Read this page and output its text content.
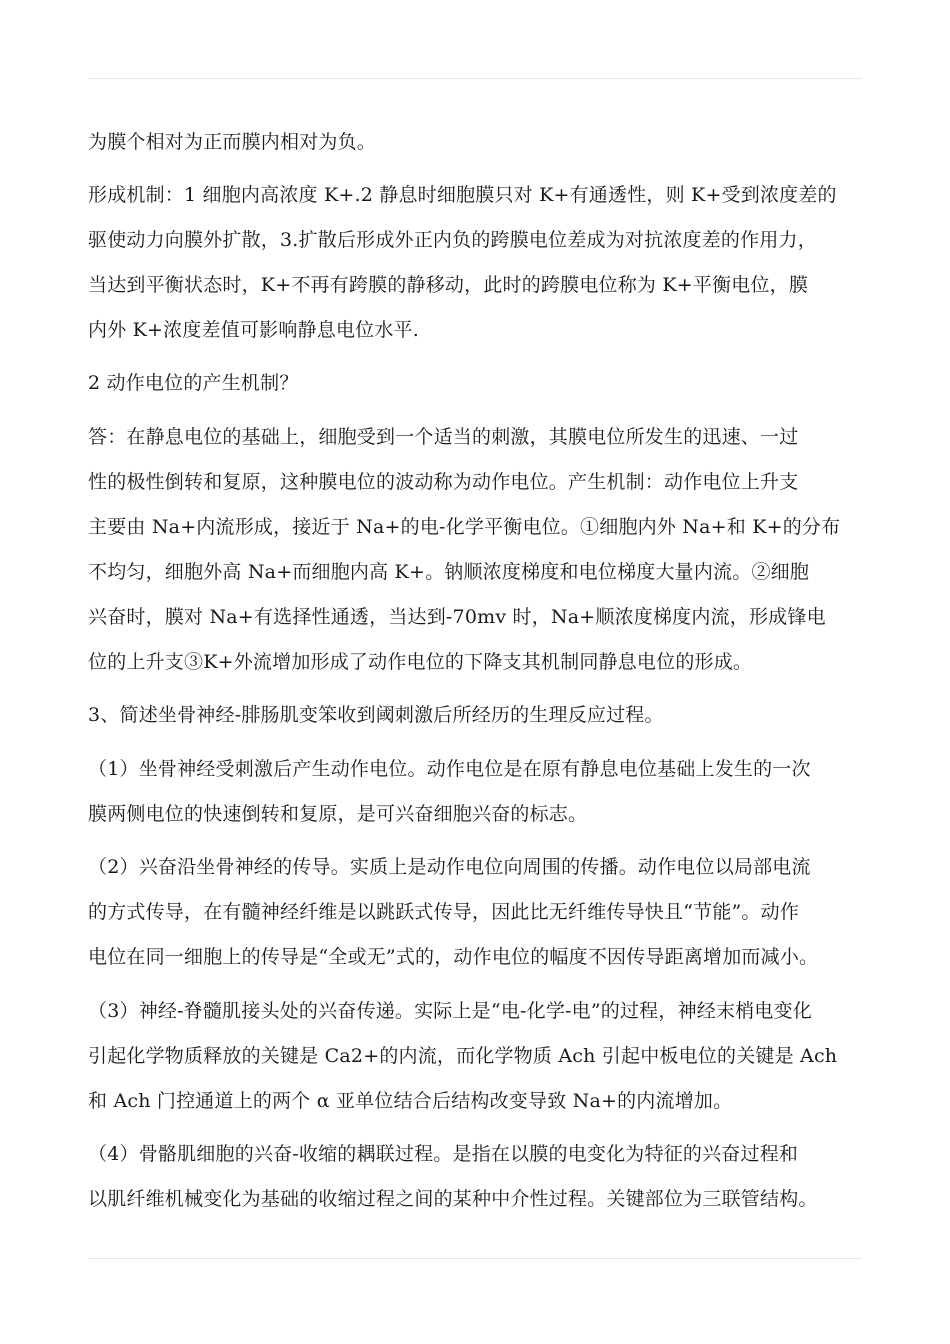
为膜个相对为正而膜内相对为负。
形成机制：1 细胞内高浓度 K+.2 静息时细胞膜只对 K+有通透性，则 K+受到浓度差的
驱使动力向膜外扩散，3.扩散后形成外正内负的跨膜电位差成为对抗浓度差的作用力，
当达到平衡状态时，K+不再有跨膜的静移动，此时的跨膜电位称为 K+平衡电位，膜
内外 K+浓度差值可影响静息电位水平.
2 动作电位的产生机制？
答：在静息电位的基础上，细胞受到一个适当的刺激，其膜电位所发生的迅速、一过
性的极性倒转和复原，这种膜电位的波动称为动作电位。产生机制：动作电位上升支
主要由 Na+内流形成，接近于 Na+的电-化学平衡电位。①细胞内外 Na+和 K+的分布
不均匀，细胞外高 Na+而细胞内高 K+。钠顺浓度梯度和电位梯度大量内流。②细胞
兴奋时，膜对 Na+有选择性通透，当达到-70mv 时，Na+顺浓度梯度内流，形成锋电
位的上升支③K+外流增加形成了动作电位的下降支其机制同静息电位的形成。
3、简述坐骨神经-腓肠肌变笨收到阈刺激后所经历的生理反应过程。
（1）坐骨神经受刺激后产生动作电位。动作电位是在原有静息电位基础上发生的一次
膜两侧电位的快速倒转和复原，是可兴奋细胞兴奋的标志。
（2）兴奋沿坐骨神经的传导。实质上是动作电位向周围的传播。动作电位以局部电流
的方式传导，在有髓神经纤维是以跳跃式传导，因此比无纤维传导快且“节能”。动作
电位在同一细胞上的传导是“全或无”式的，动作电位的幅度不因传导距离增加而减小。
（3）神经-脊髓肌接头处的兴奋传递。实际上是“电-化学-电”的过程，神经末梢电变化
引起化学物质释放的关键是 Ca2+的内流，而化学物质 Ach 引起中板电位的关键是 Ach
和 Ach 门控通道上的两个 α 亚单位结合后结构改变导致 Na+的内流增加。
（4）骨骼肌细胞的兴奋-收缩的耦联过程。是指在以膜的电变化为特征的兴奋过程和
以肌纤维机械变化为基础的收缩过程之间的某种中介性过程。关键部位为三联管结构。
